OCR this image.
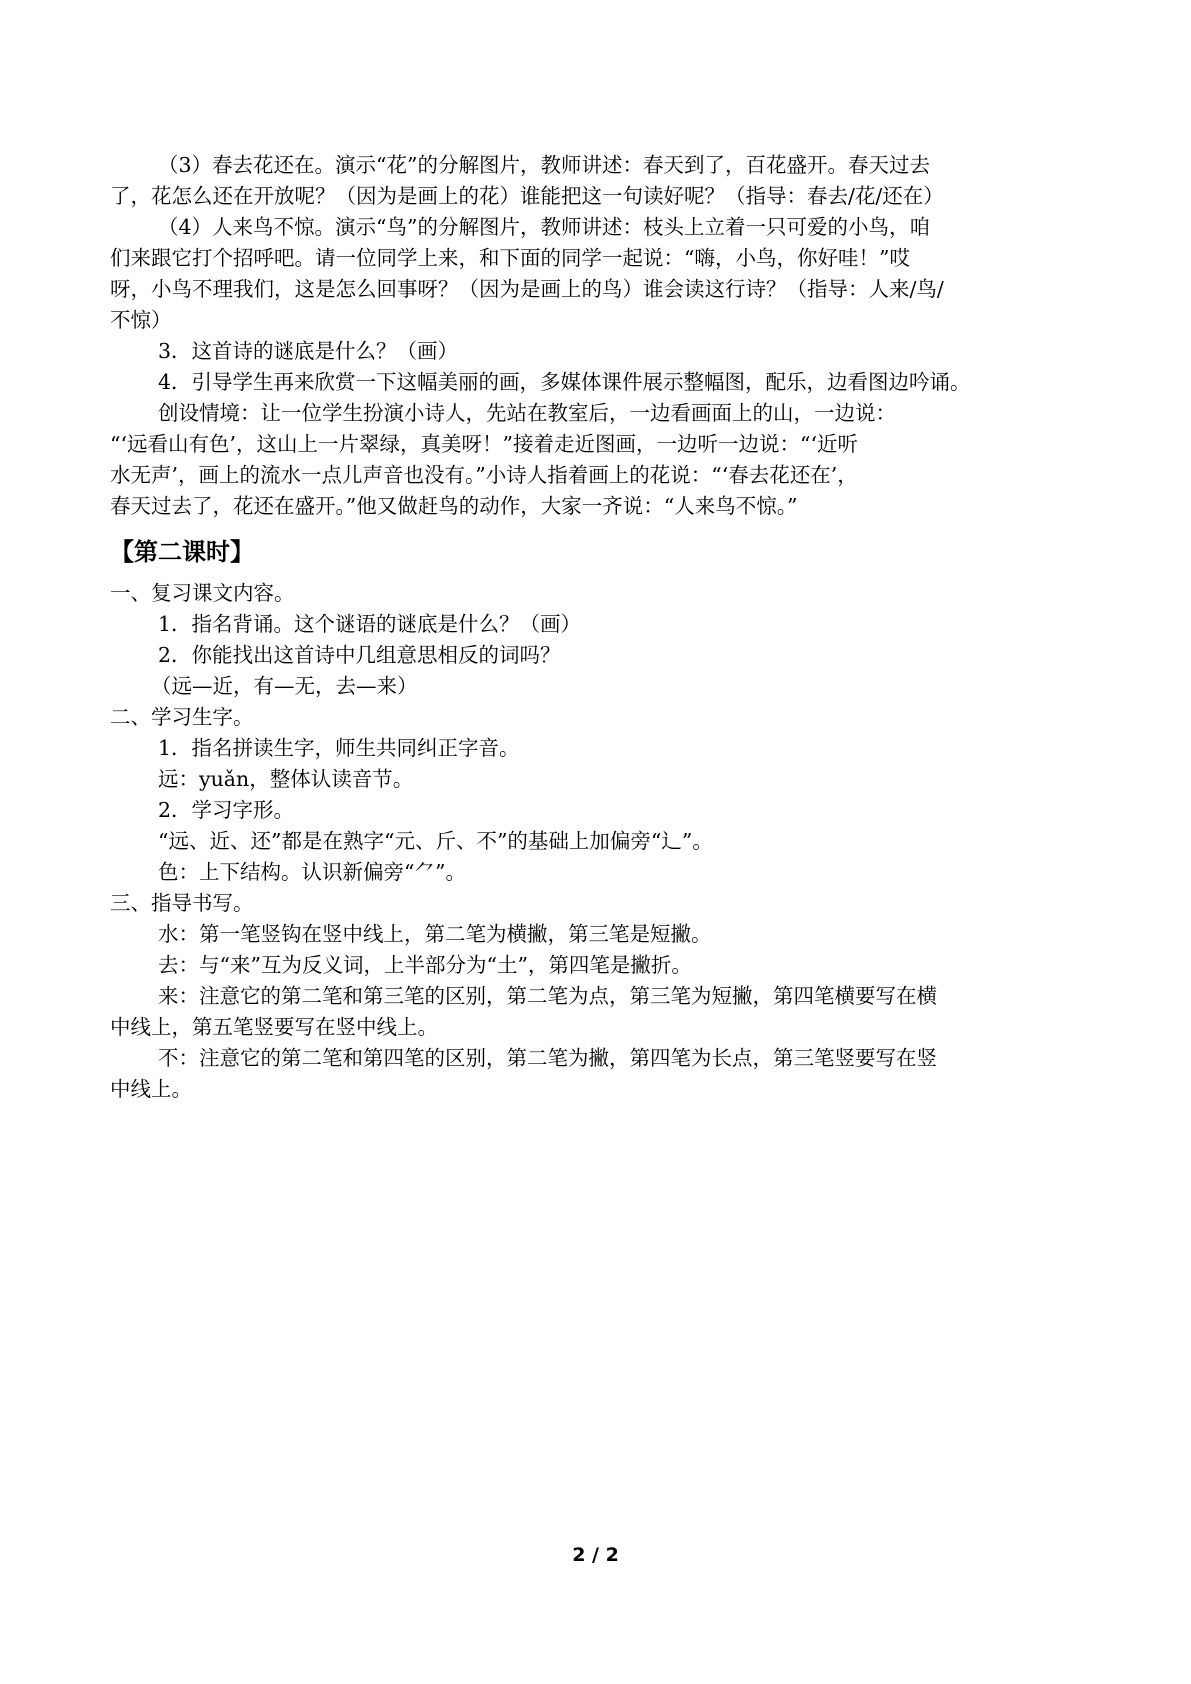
（3）春去花还在。演示“花”的分解图片，教师讲述：春天到了，百花盛开。春天过去
了，花怎么还在开放呢？（因为是画上的花）谁能把这一句读好呢？（指导：春去/花/还在）
（4）人来鸟不惊。演示“鸟”的分解图片，教师讲述：枝头上立着一只可爱的小鸟，咱
们来跟它打个招呼吧。请一位同学上来，和下面的同学一起说：“嗨，小鸟，你好哇！”哎
呀，小鸟不理我们，这是怎么回事呀？（因为是画上的鸟）谁会读这行诗？（指导：人来/鸟/
不惊）
3．这首诗的谜底是什么？（画）
4．引导学生再来欣赏一下这幅美丽的画，多媒体课件展示整幅图，配乐，边看图边吟诵。
创设情境：让一位学生扮演小诗人，先站在教室后，一边看画面上的山，一边说：
“‘远看山有色’，这山上一片翠绿，真美呀！”接着走近图画，一边听一边说：“‘近听
水无声’，画上的流水一点儿声音也没有。”小诗人指着画上的花说：“‘春去花还在’，
春天过去了，花还在盛开。”他又做赶鸟的动作，大家一齐说：“人来鸟不惊。”
【第二课时】
一、复习课文内容。
1．指名背诵。这个谜语的谜底是什么？（画）
2．你能找出这首诗中几组意思相反的词吗？
（远—近，有—无，去—来）
二、学习生字。
1．指名拼读生字，师生共同纠正字音。
远：yuǎn，整体认读音节。
2．学习字形。
“远、近、还”都是在熟字“元、斤、不”的基础上加偏旁“辶”。
色：上下结构。认识新偏旁“⺈”。
三、指导书写。
水：第一笔竖钩在竖中线上，第二笔为横撇，第三笔是短撇。
去：与“来”互为反义词，上半部分为“土”，第四笔是撇折。
来：注意它的第二笔和第三笔的区别，第二笔为点，第三笔为短撇，第四笔横要写在横
中线上，第五笔竖要写在竖中线上。
不：注意它的第二笔和第四笔的区别，第二笔为撇，第四笔为长点，第三笔竖要写在竖
中线上。
2 / 2
